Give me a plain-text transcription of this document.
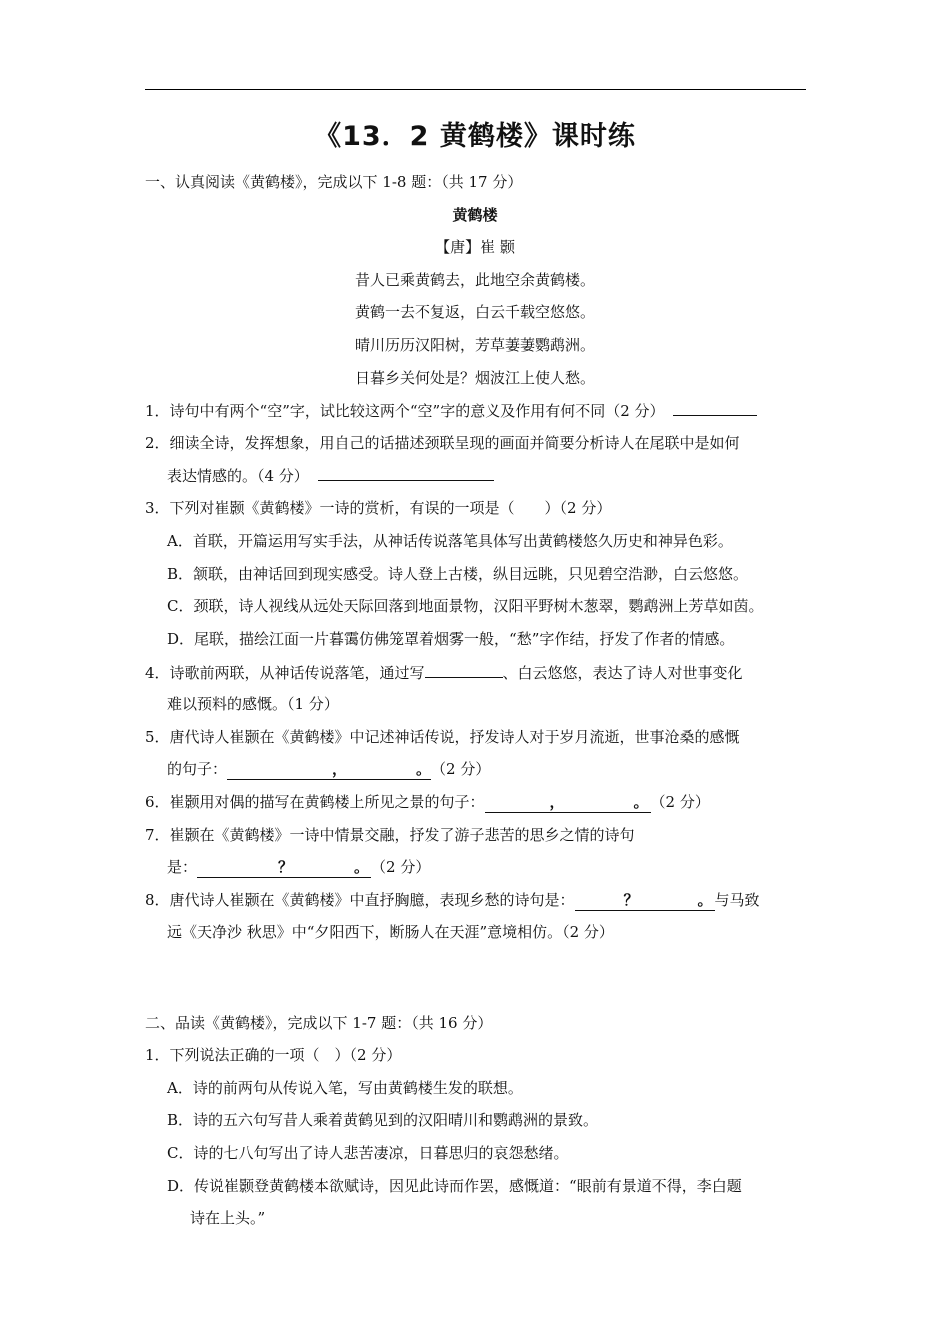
《13．2 黄鹤楼》课时练
一、认真阅读《黄鹤楼》，完成以下 1-8 题：（共 17 分）
黄鹤楼
【唐】崔 颢
昔人已乘黄鹤去，此地空余黄鹤楼。
黄鹤一去不复返，白云千载空悠悠。
晴川历历汉阳树，芳草萋萋鹦鹉洲。
日暮乡关何处是？烟波江上使人愁。
1．诗句中有两个“空”字，试比较这两个“空”字的意义及作用有何不同（2 分）
2．细读全诗，发挥想象，用自己的话描述颈联呈现的画面并简要分析诗人在尾联中是如何
表达情感的。（4 分）
3．下列对崔颢《黄鹤楼》一诗的赏析，有误的一项是（　　）（2 分）
A．首联，开篇运用写实手法，从神话传说落笔具体写出黄鹤楼悠久历史和神异色彩。
B．颔联，由神话回到现实感受。诗人登上古楼，纵目远眺，只见碧空浩渺，白云悠悠。
C．颈联，诗人视线从远处天际回落到地面景物，汉阳平野树木葱翠，鹦鹉洲上芳草如茵。
D．尾联，描绘江面一片暮霭仿佛笼罩着烟雾一般，“愁”字作结，抒发了作者的情感。
4．诗歌前两联，从神话传说落笔，通过写	、白云悠悠，表达了诗人对世事变化
难以预料的感慨。（1 分）
5．唐代诗人崔颢在《黄鹤楼》中记述神话传说，抒发诗人对于岁月流逝，世事沧桑的感慨
的句子：	，	。（2 分）
6．崔颢用对偶的描写在黄鹤楼上所见之景的句子：	，	。 （2 分）
7．崔颢在《黄鹤楼》一诗中情景交融，抒发了游子悲苦的思乡之情的诗句
是：	？	。 （2 分）
8．唐代诗人崔颢在《黄鹤楼》中直抒胸臆，表现乡愁的诗句是：	？	。 与马致
远《天净沙 秋思》中“夕阳西下，断肠人在天涯”意境相仿。（2 分）
二、品读《黄鹤楼》，完成以下 1-7 题：（共 16 分）
1．下列说法正确的一项（　）（2 分）
A．诗的前两句从传说入笔，写由黄鹤楼生发的联想。
B．诗的五六句写昔人乘着黄鹤见到的汉阳晴川和鹦鹉洲的景致。
C．诗的七八句写出了诗人悲苦凄凉，日暮思归的哀怨愁绪。
D．传说崔颢登黄鹤楼本欲赋诗，因见此诗而作罢，感慨道：“眼前有景道不得，李白题
诗在上头。”
